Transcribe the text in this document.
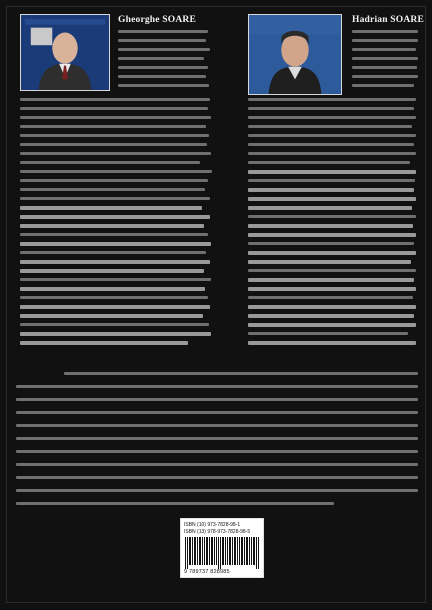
Gheorghe SOARE	Hadrian SOARE
ISBN (10) 973-7828-98-1
ISBN (13) 978-973-7828-98-5
9 789737 828985
